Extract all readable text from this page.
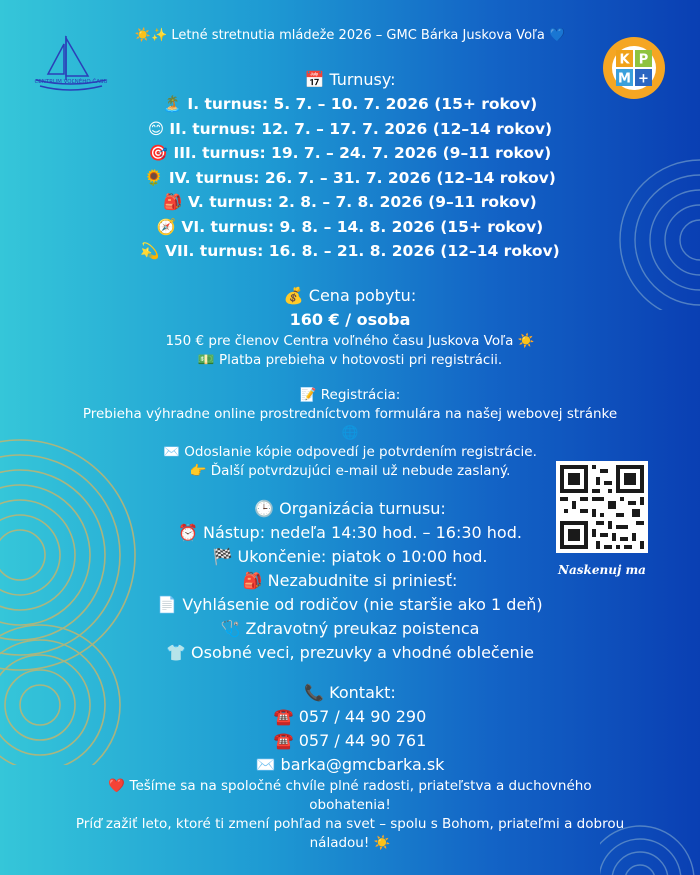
CENTRUM VOĽNÉHO ČASU
K P
M +
☀️✨ Letné stretnutia mládeže 2026 – GMC Bárka Juskova Voľa 💙
📅 Turnusy:
🏝️ I. turnus: 5. 7. – 10. 7. 2026 (15+ rokov)
😊 II. turnus: 12. 7. – 17. 7. 2026 (12–14 rokov)
🎯 III. turnus: 19. 7. – 24. 7. 2026 (9–11 rokov)
🌻 IV. turnus: 26. 7. – 31. 7. 2026 (12–14 rokov)
🎒 V. turnus: 2. 8. – 7. 8. 2026 (9–11 rokov)
🧭 VI. turnus: 9. 8. – 14. 8. 2026 (15+ rokov)
💫 VII. turnus: 16. 8. – 21. 8. 2026 (12–14 rokov)
💰 Cena pobytu:
160 € / osoba
150 € pre členov Centra voľného času Juskova Voľa ☀️
💵 Platba prebieha v hotovosti pri registrácii.
📝 Registrácia:
Prebieha výhradne online prostredníctvom formulára na našej webovej stránke
🌐
✉️ Odoslanie kópie odpovedí je potvrdením registrácie.
👉 Ďalší potvrdzujúci e-mail už nebude zaslaný.
🕒 Organizácia turnusu:
⏰ Nástup: nedeľa 14:30 hod. – 16:30 hod.
🏁 Ukončenie: piatok o 10:00 hod.
🎒 Nezabudnite si priniesť:
📄 Vyhlásenie od rodičov (nie staršie ako 1 deň)
🩺 Zdravotný preukaz poistenca
👕 Osobné veci, prezuvky a vhodné oblečenie
📞 Kontakt:
☎️ 057 / 44 90 290
☎️ 057 / 44 90 761
✉️ barka@gmcbarka.sk
❤️ Tešíme sa na spoločné chvíle plné radosti, priateľstva a duchovného
obohatenia!
Príď zažiť leto, ktoré ti zmení pohľad na svet – spolu s Bohom, priateľmi a dobrou
náladou! ☀️
Naskenuj ma
